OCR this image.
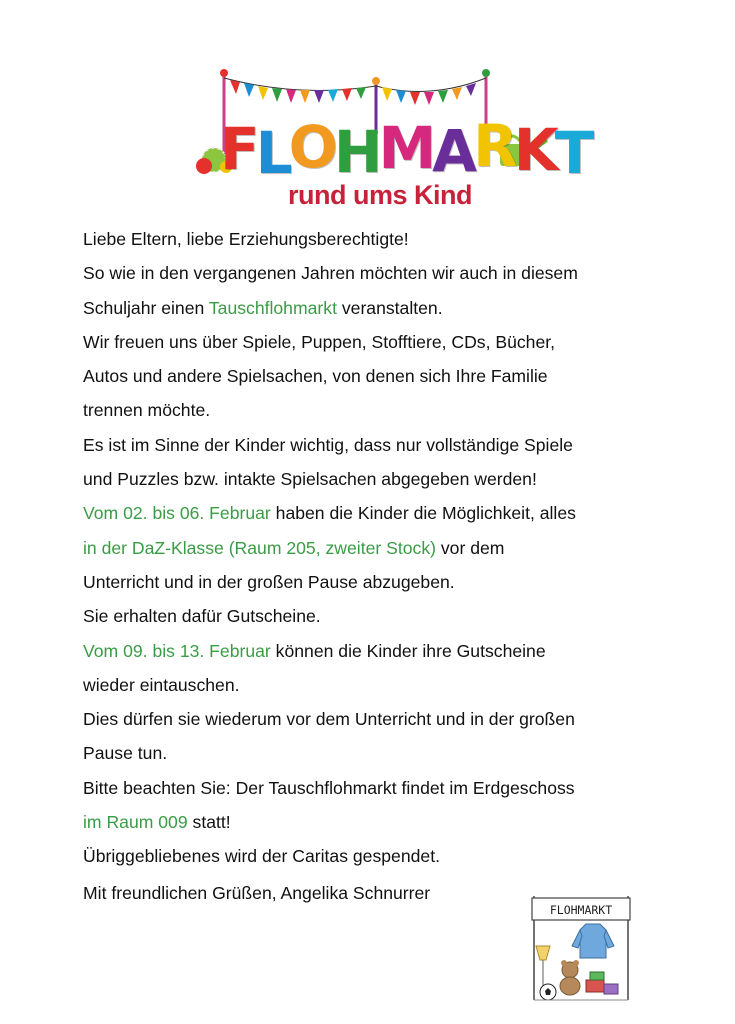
F L O H M A R K T
rund ums Kind

Liebe Eltern, liebe Erziehungsberechtigte!

So wie in den vergangenen Jahren möchten wir auch in diesem

Schuljahr einen Tauschflohmarkt veranstalten.

Wir freuen uns über Spiele, Puppen, Stofftiere, CDs, Bücher,

Autos und andere Spielsachen, von denen sich Ihre Familie

trennen möchte.

Es ist im Sinne der Kinder wichtig, dass nur vollständige Spiele

und Puzzles bzw. intakte Spielsachen abgegeben werden!

Vom 02. bis 06. Februar haben die Kinder die Möglichkeit, alles

in der DaZ-Klasse (Raum 205, zweiter Stock) vor dem

Unterricht und in der großen Pause abzugeben.

Sie erhalten dafür Gutscheine.

Vom 09. bis 13. Februar können die Kinder ihre Gutscheine

wieder eintauschen.

Dies dürfen sie wiederum vor dem Unterricht und in der großen

Pause tun.

Bitte beachten Sie: Der Tauschflohmarkt findet im Erdgeschoss

im Raum 009 statt!

Übriggebliebenes wird der Caritas gespendet.

Mit freundlichen Grüßen, Angelika Schnurrer

FLOHMARKT
